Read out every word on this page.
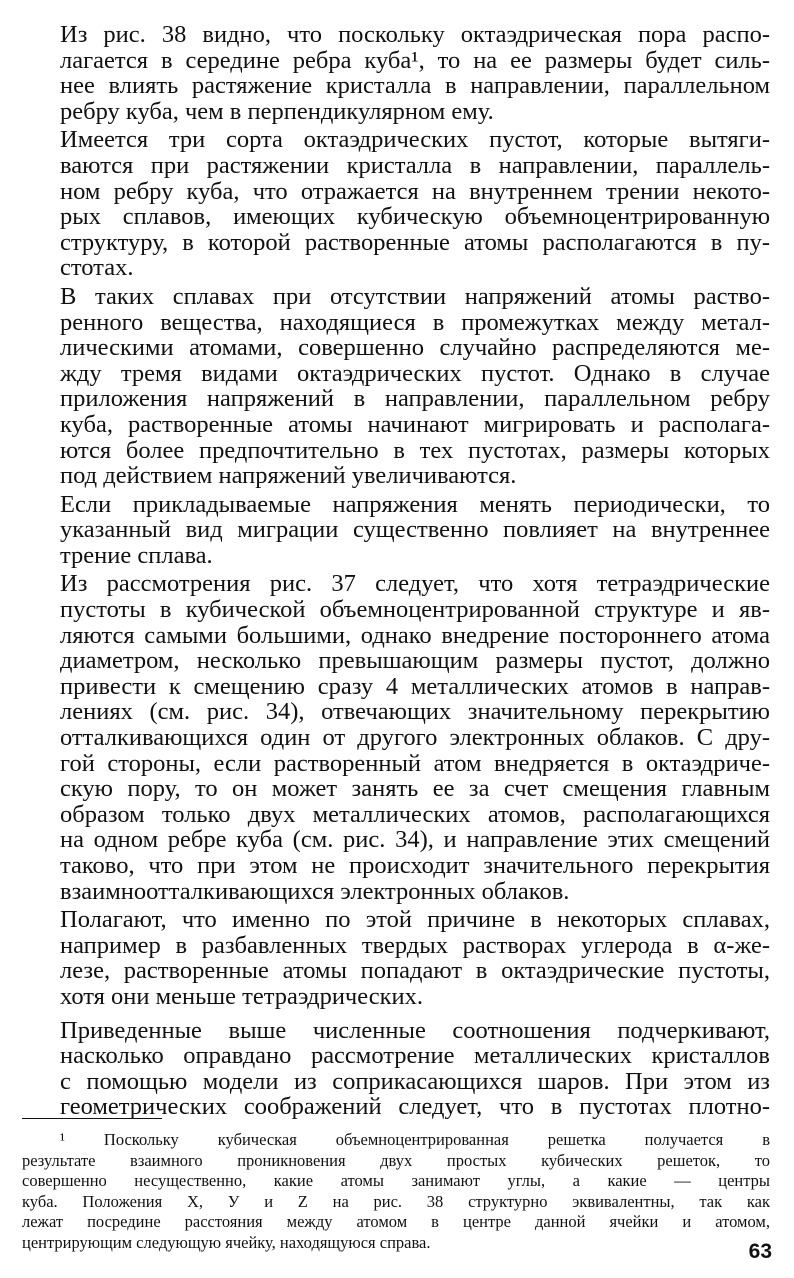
Из рис. 38 видно, что поскольку октаэдрическая пора распо-
лагается в середине ребра куба¹, то на ее размеры будет силь-
нее влиять растяжение кристалла в направлении, параллельном
ребру куба, чем в перпендикулярном ему.
Имеется три сорта октаэдрических пустот, которые вытяги-
ваются при растяжении кристалла в направлении, параллель-
ном ребру куба, что отражается на внутреннем трении некото-
рых сплавов, имеющих кубическую объемноцентрированную
структуру, в которой растворенные атомы располагаются в пу-
стотах.
В таких сплавах при отсутствии напряжений атомы раство-
ренного вещества, находящиеся в промежутках между метал-
лическими атомами, совершенно случайно распределяются ме-
жду тремя видами октаэдрических пустот. Однако в случае
приложения напряжений в направлении, параллельном ребру
куба, растворенные атомы начинают мигрировать и располага-
ются более предпочтительно в тех пустотах, размеры которых
под действием напряжений увеличиваются.
Если прикладываемые напряжения менять периодически, то
указанный вид миграции существенно повлияет на внутреннее
трение сплава.
Из рассмотрения рис. 37 следует, что хотя тетраэдрические
пустоты в кубической объемноцентрированной структуре и яв-
ляются самыми большими, однако внедрение постороннего атома
диаметром, несколько превышающим размеры пустот, должно
привести к смещению сразу 4 металлических атомов в направ-
лениях (см. рис. 34), отвечающих значительному перекрытию
отталкивающихся один от другого электронных облаков. С дру-
гой стороны, если растворенный атом внедряется в октаэдриче-
скую пору, то он может занять ее за счет смещения главным
образом только двух металлических атомов, располагающихся
на одном ребре куба (см. рис. 34), и направление этих смещений
таково, что при этом не происходит значительного перекрытия
взаимноотталкивающихся электронных облаков.
Полагают, что именно по этой причине в некоторых сплавах,
например в разбавленных твердых растворах углерода в α-же-
лезе, растворенные атомы попадают в октаэдрические пустоты,
хотя они меньше тетраэдрических.
Приведенные выше численные соотношения подчеркивают,
насколько оправдано рассмотрение металлических кристаллов
с помощью модели из соприкасающихся шаров. При этом из
геометрических соображений следует, что в пустотах плотно-
¹ Поскольку кубическая объемноцентрированная решетка получается в
результате взаимного проникновения двух простых кубических решеток, то
совершенно несущественно, какие атомы занимают углы, а какие — центры
куба. Положения X, У и Z на рис. 38 структурно эквивалентны, так как
лежат посредине расстояния между атомом в центре данной ячейки и атомом,
центрирующим следующую ячейку, находящуюся справа.	63
